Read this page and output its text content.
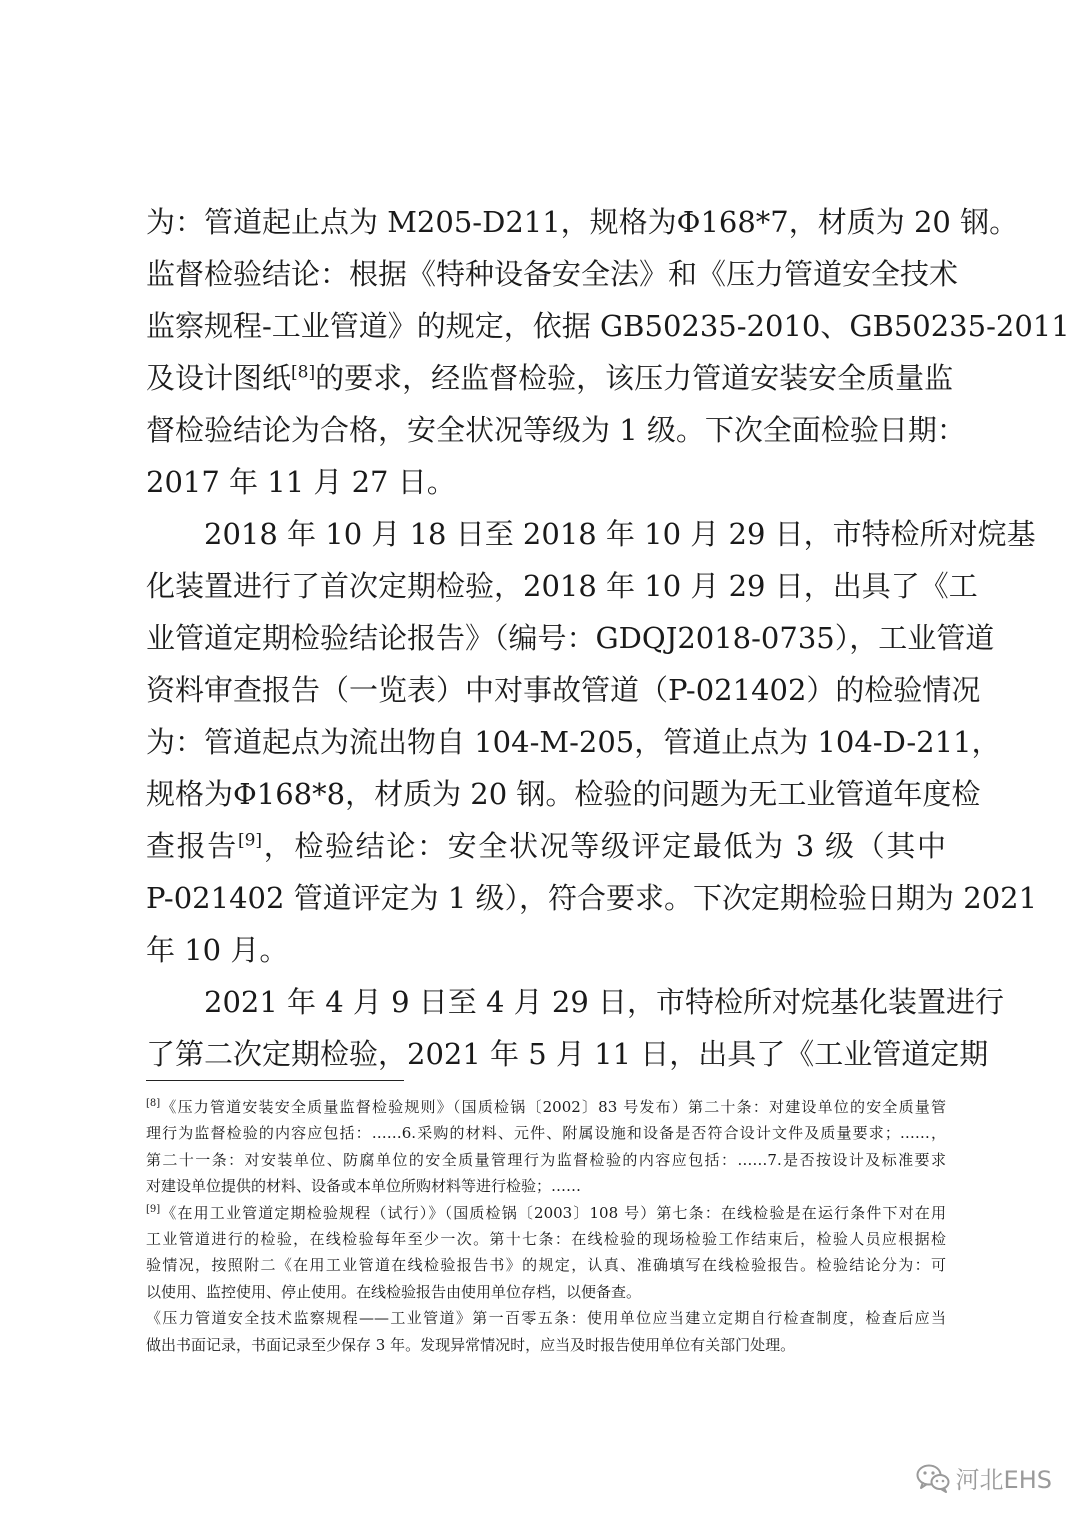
为：管道起止点为 M205-D211，规格为Φ168*7，材质为 20 钢。
监督检验结论：根据《特种设备安全法》和《压力管道安全技术
监察规程-工业管道》的规定，依据 GB50235-2010、GB50235-2011
及设计图纸[8]的要求，经监督检验，该压力管道安装安全质量监
督检验结论为合格，安全状况等级为 1 级。下次全面检验日期：
2017 年 11 月 27 日。
2018 年 10 月 18 日至 2018 年 10 月 29 日，市特检所对烷基
化装置进行了首次定期检验，2018 年 10 月 29 日，出具了《工
业管道定期检验结论报告》（编号：GDQJ2018-0735），工业管道
资料审查报告（一览表）中对事故管道（P-021402）的检验情况
为：管道起点为流出物自 104-M-205，管道止点为 104-D-211，
规格为Φ168*8，材质为 20 钢。检验的问题为无工业管道年度检
查报告[9]，检验结论：安全状况等级评定最低为 3 级（其中
P-021402 管道评定为 1 级），符合要求。下次定期检验日期为 2021
年 10 月。
2021 年 4 月 9 日至 4 月 29 日，市特检所对烷基化装置进行
了第二次定期检验，2021 年 5 月 11 日，出具了《工业管道定期
[8]《压力管道安装安全质量监督检验规则》（国质检锅〔2002〕83 号发布）第二十条：对建设单位的安全质量管
理行为监督检验的内容应包括：……6.采购的材料、元件、附属设施和设备是否符合设计文件及质量要求；……，
第二十一条：对安装单位、防腐单位的安全质量管理行为监督检验的内容应包括：……7.是否按设计及标准要求
对建设单位提供的材料、设备或本单位所购材料等进行检验；……
[9]《在用工业管道定期检验规程（试行）》（国质检锅〔2003〕108 号）第七条：在线检验是在运行条件下对在用
工业管道进行的检验，在线检验每年至少一次。第十七条：在线检验的现场检验工作结束后，检验人员应根据检
验情况，按照附二《在用工业管道在线检验报告书》的规定，认真、准确填写在线检验报告。检验结论分为：可
以使用、监控使用、停止使用。在线检验报告由使用单位存档，以便备查。
《压力管道安全技术监察规程——工业管道》第一百零五条：使用单位应当建立定期自行检查制度，检查后应当
做出书面记录，书面记录至少保存 3 年。发现异常情况时，应当及时报告使用单位有关部门处理。
河北EHS
